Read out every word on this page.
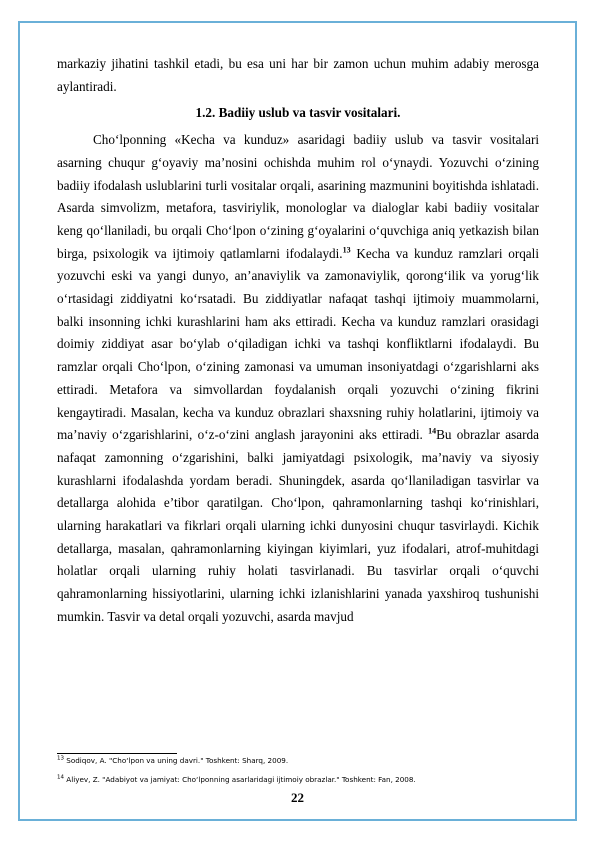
markaziy jihatini tashkil etadi, bu esa uni har bir zamon uchun muhim adabiy merosga aylantiradi.

1.2. Badiiy uslub va tasvir vositalari.

Cho‘lponning «Kecha va kunduz» asaridagi badiiy uslub va tasvir vositalari asarning chuqur g‘oyaviy ma’nosini ochishda muhim rol o‘ynaydi. Yozuvchi o‘zining badiiy ifodalash uslublarini turli vositalar orqali, asarining mazmunini boyitishda ishlatadi. Asarda simvolizm, metafora, tasviriylik, monologlar va dialoglar kabi badiiy vositalar keng qo‘llaniladi, bu orqali Cho‘lpon o‘zining g‘oyalarini o‘quvchiga aniq yetkazish bilan birga, psixologik va ijtimoiy qatlamlarni ifodalaydi.$^{13}$ Kecha va kunduz ramzlari orqali yozuvchi eski va yangi dunyo, an’anaviylik va zamonaviylik, qorong‘ilik va yorug‘lik o‘rtasidagi ziddiyatni ko‘rsatadi. Bu ziddiyatlar nafaqat tashqi ijtimoiy muammolarni, balki insonning ichki kurashlarini ham aks ettiradi. Kecha va kunduz ramzlari orasidagi doimiy ziddiyat asar bo‘ylab o‘qiladigan ichki va tashqi konfliktlarni ifodalaydi. Bu ramzlar orqali Cho‘lpon, o‘zining zamonasi va umuman insoniyatdagi o‘zgarishlarni aks ettiradi. Metafora va simvollardan foydalanish orqali yozuvchi o‘zining fikrini kengaytiradi. Masalan, kecha va kunduz obrazlari shaxsning ruhiy holatlarini, ijtimoiy va ma’naviy o‘zgarishlarini, o‘z-o‘zini anglash jarayonini aks ettiradi. $^{14}$Bu obrazlar asarda nafaqat zamonning o‘zgarishini, balki jamiyatdagi psixologik, ma’naviy va siyosiy kurashlarni ifodalashda yordam beradi. Shuningdek, asarda qo‘llaniladigan tasvirlar va detallarga alohida e’tibor qaratilgan. Cho‘lpon, qahramonlarning tashqi ko‘rinishlari, ularning harakatlari va fikrlari orqali ularning ichki dunyosini chuqur tasvirlaydi. Kichik detallarga, masalan, qahramonlarning kiyingan kiyimlari, yuz ifodalari, atrof-muhitdagi holatlar orqali ularning ruhiy holati tasvirlanadi. Bu tasvirlar orqali o‘quvchi qahramonlarning hissiyotlarini, ularning ichki izlanishlarini yanada yaxshiroq tushunishi mumkin. Tasvir va detal orqali yozuvchi, asarda mavjud

$^{13}$ Sodiqov, A. "Cho‘lpon va uning davri." Toshkent: Sharq, 2009.

$^{14}$ Aliyev, Z. "Adabiyot va jamiyat: Cho‘lponning asarlaridagi ijtimoiy obrazlar." Toshkent: Fan, 2008.

22
